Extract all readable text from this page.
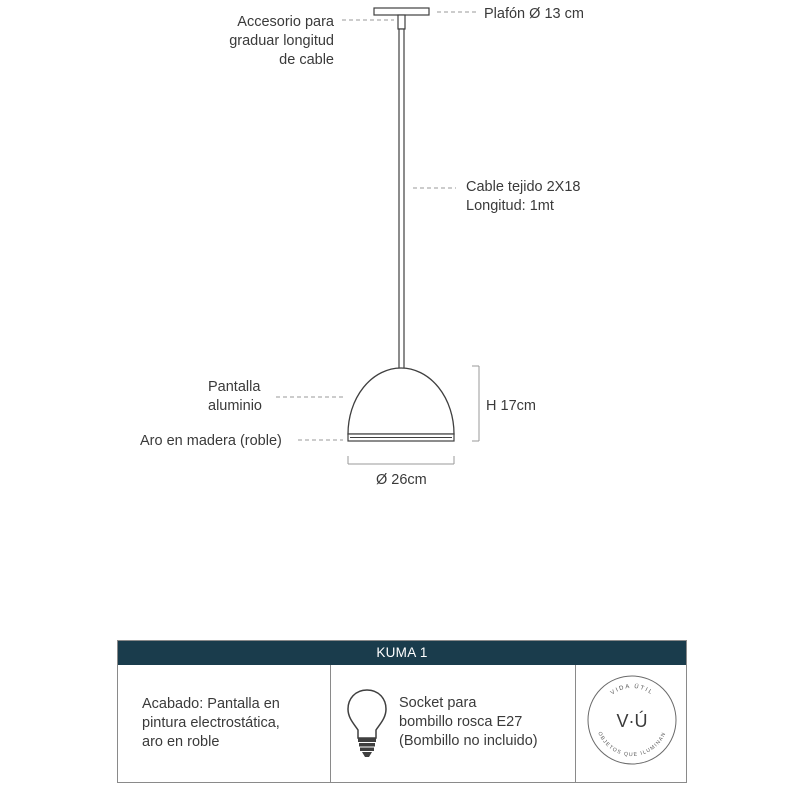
Accesorio para
graduar longitud
de cable
Plafón Ø 13 cm
Cable tejido 2X18
Longitud: 1mt
Pantalla
aluminio	H 17cm
Aro en madera (roble)
Ø 26cm
KUMA 1
Acabado: Pantalla en
pintura electrostática,
aro en roble
Socket para
bombillo rosca E27
(Bombillo no incluido)
VIDA ÚTIL
OBJETOS QUE ILUMINAN
V·Ú
